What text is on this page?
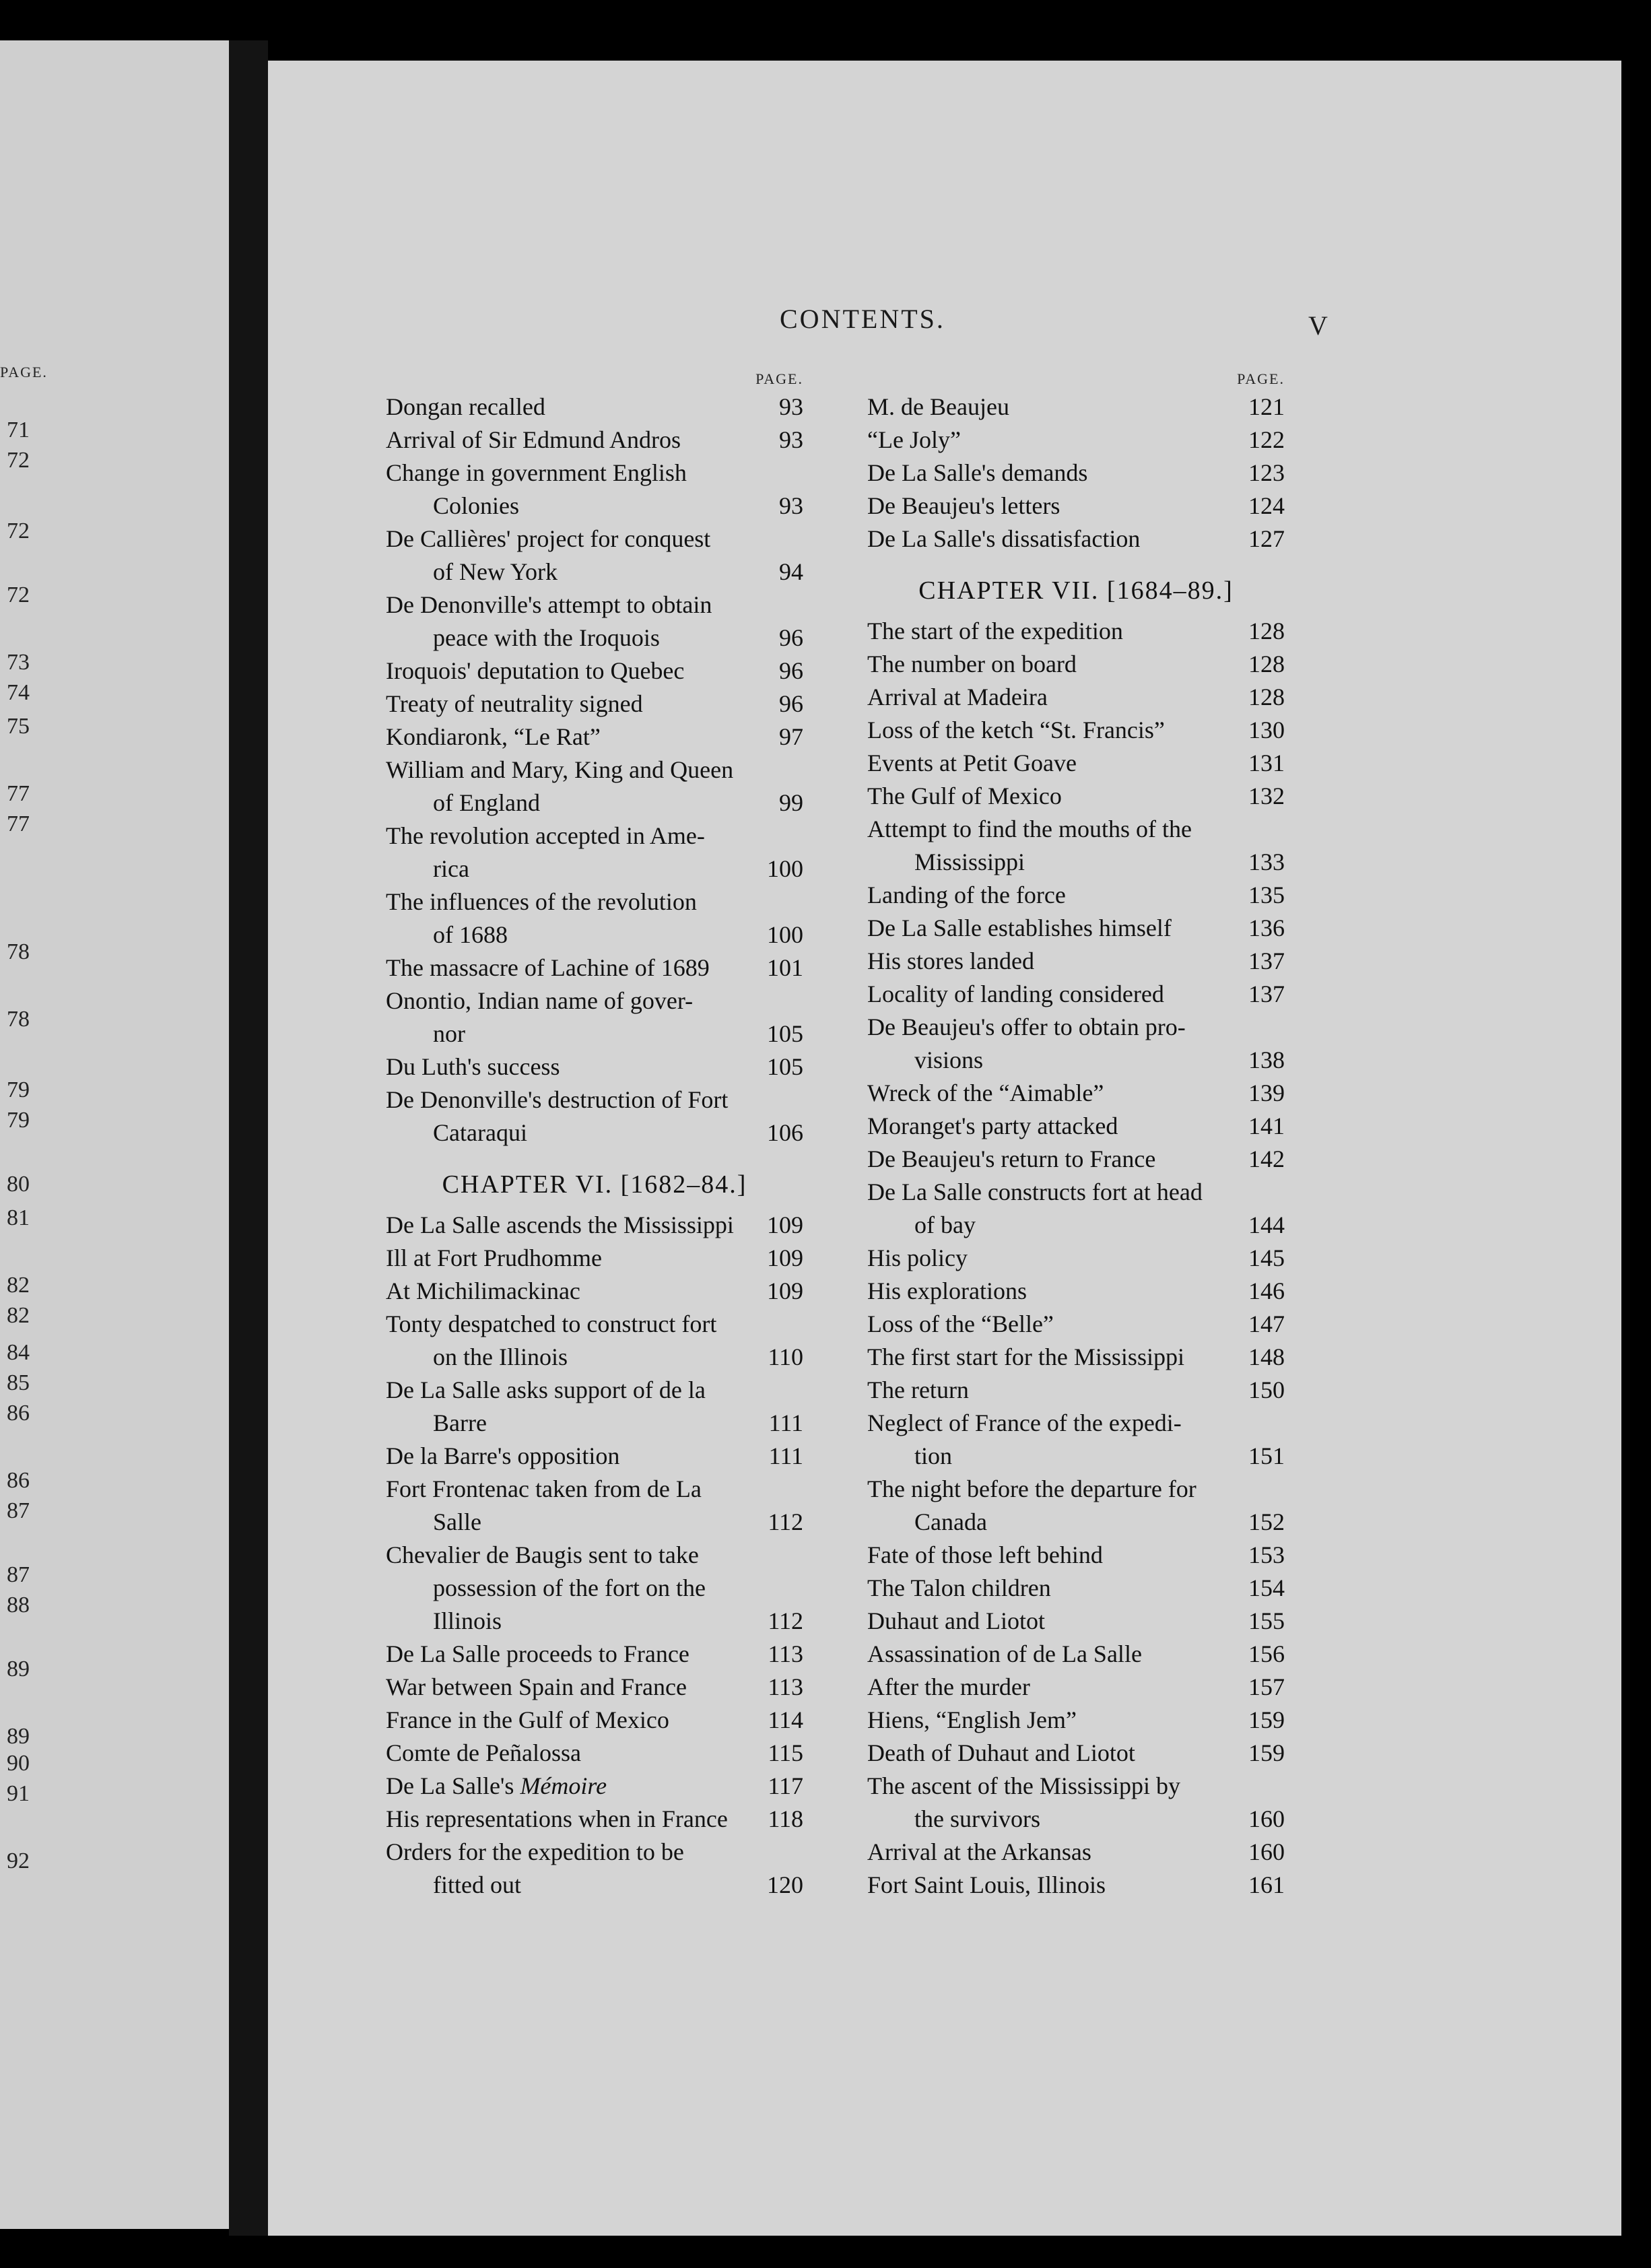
PAGE.
71
72
72
72
73
74
75
77
77
78
78
79
79
80
81
82
82
84
85
86
86
87
87
88
89
89
90
91
92
CONTENTS.	V
PAGE.
Dongan recalled	93
Arrival of Sir Edmund Andros	93
Change in government English
Colonies	93
De Callières' project for conquest
of New York	94
De Denonville's attempt to obtain
peace with the Iroquois	96
Iroquois' deputation to Quebec	96
Treaty of neutrality signed	96
Kondiaronk, “Le Rat”	97
William and Mary, King and Queen
of England	99
The revolution accepted in Ame-
rica	100
The influences of the revolution
of 1688	100
The massacre of Lachine of 1689	101
Onontio, Indian name of gover-
nor	105
Du Luth's success	105
De Denonville's destruction of Fort
Cataraqui	106
CHAPTER VI. [1682–84.]
De La Salle ascends the Mississippi	109
Ill at Fort Prudhomme	109
At Michilimackinac	109
Tonty despatched to construct fort
on the Illinois	110
De La Salle asks support of de la
Barre	111
De la Barre's opposition	111
Fort Frontenac taken from de La
Salle	112
Chevalier de Baugis sent to take
possession of the fort on the
Illinois	112
De La Salle proceeds to France	113
War between Spain and France	113
France in the Gulf of Mexico	114
Comte de Peñalossa	115
De La Salle's Mémoire	117
His representations when in France	118
Orders for the expedition to be
fitted out	120
PAGE.
M. de Beaujeu	121
“Le Joly”	122
De La Salle's demands	123
De Beaujeu's letters	124
De La Salle's dissatisfaction	127
CHAPTER VII. [1684–89.]
The start of the expedition	128
The number on board	128
Arrival at Madeira	128
Loss of the ketch “St. Francis”	130
Events at Petit Goave	131
The Gulf of Mexico	132
Attempt to find the mouths of the
Mississippi	133
Landing of the force	135
De La Salle establishes himself	136
His stores landed	137
Locality of landing considered	137
De Beaujeu's offer to obtain pro-
visions	138
Wreck of the “Aimable”	139
Moranget's party attacked	141
De Beaujeu's return to France	142
De La Salle constructs fort at head
of bay	144
His policy	145
His explorations	146
Loss of the “Belle”	147
The first start for the Mississippi	148
The return	150
Neglect of France of the expedi-
tion	151
The night before the departure for
Canada	152
Fate of those left behind	153
The Talon children	154
Duhaut and Liotot	155
Assassination of de La Salle	156
After the murder	157
Hiens, “English Jem”	159
Death of Duhaut and Liotot	159
The ascent of the Mississippi by
the survivors	160
Arrival at the Arkansas	160
Fort Saint Louis, Illinois	161
